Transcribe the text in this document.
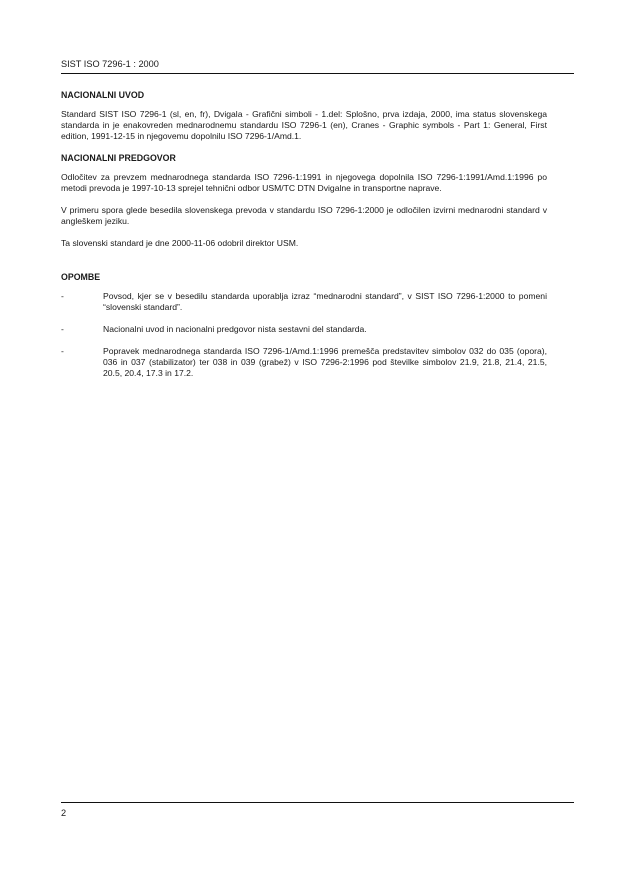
SIST ISO 7296-1 : 2000
NACIONALNI UVOD

Standard SIST ISO 7296-1 (sl, en, fr), Dvigala - Grafični simboli - 1.del: Splošno, prva izdaja, 2000, ima status slovenskega standarda in je enakovreden mednarodnemu standardu ISO 7296-1 (en), Cranes - Graphic symbols - Part 1: General, First edition, 1991-12-15 in njegovemu dopolnilu ISO 7296-1/Amd.1.

NACIONALNI PREDGOVOR

Odločitev za prevzem mednarodnega standarda ISO 7296-1:1991 in njegovega dopolnila ISO 7296-1:1991/Amd.1:1996 po metodi prevoda je 1997-10-13 sprejel tehnični odbor USM/TC DTN Dvigalne in transportne naprave.

V primeru spora glede besedila slovenskega prevoda v standardu ISO 7296-1:2000 je odločilen izvirni mednarodni standard v angleškem jeziku.

Ta slovenski standard je dne 2000-11-06 odobril direktor USM.

OPOMBE
-	Povsod, kjer se v besedilu standarda uporablja izraz “mednarodni standard”, v SIST ISO 7296-1:2000 to pomeni “slovenski standard”.
-	Nacionalni uvod in nacionalni predgovor nista sestavni del standarda.
-	Popravek mednarodnega standarda ISO 7296-1/Amd.1:1996 premešča predstavitev simbolov 032 do 035 (opora), 036 in 037 (stabilizator) ter 038 in 039 (grabež) v ISO 7296-2:1996 pod številke simbolov 21.9, 21.8, 21.4, 21.5, 20.5, 20.4, 17.3 in 17.2.
2
